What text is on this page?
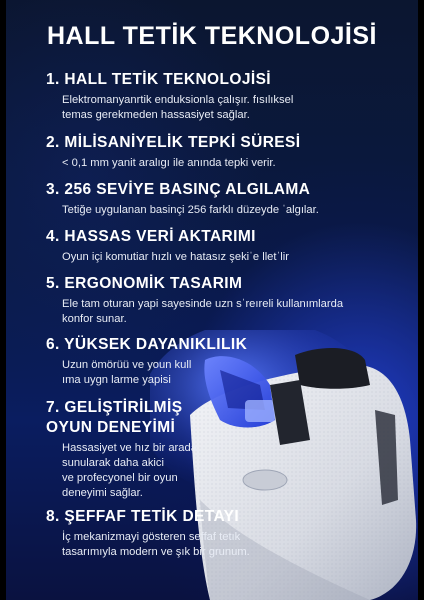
HALL TETİK TEKNOLOJİSİ
1. HALL TETİK TEKNOLOJİSİ

Elektromanyanrtik enduksionla çalışır. fısılıksel
temas gerekmeden hassasiyet sağlar.

2. MİLİSANİYELİK TEPKİ SÜRESİ

< 0,1 mm yanit aralıgı ile anında tepki verir.

3. 256 SEVİYE BASINÇ ALGILAMA

Tetiğe uygulanan basinçi 256 farklı düzeyde ˈalgılar.

4. HASSAS VERİ AKTARIMI

Oyun içi komutiar hızlı ve hatasız şekiˈe lletˈlir

5. ERGONOMİK TASARIM

Ele tam oturan yapi sayesinde uzn sˈreıreli kullanımlarda
konfor sunar.

6. YÜKSEK DAYANIKLILIK

Uzun ömörüü ve youn kull
ıma uygn larme yapisi

7. GELİŞTİRİLMİŞ
OYUN DENEYİMİ

Hassasiyet ve hız bir arada
sunularak daha akici
ve profecyonel bir oyun
deneyimi sağlar.

8. ŞEFFAF TETİK DETAYI

İç mekanizmayi gösteren seffaf tetık
tasarımıyla modern ve şık bir ɡrunum.
